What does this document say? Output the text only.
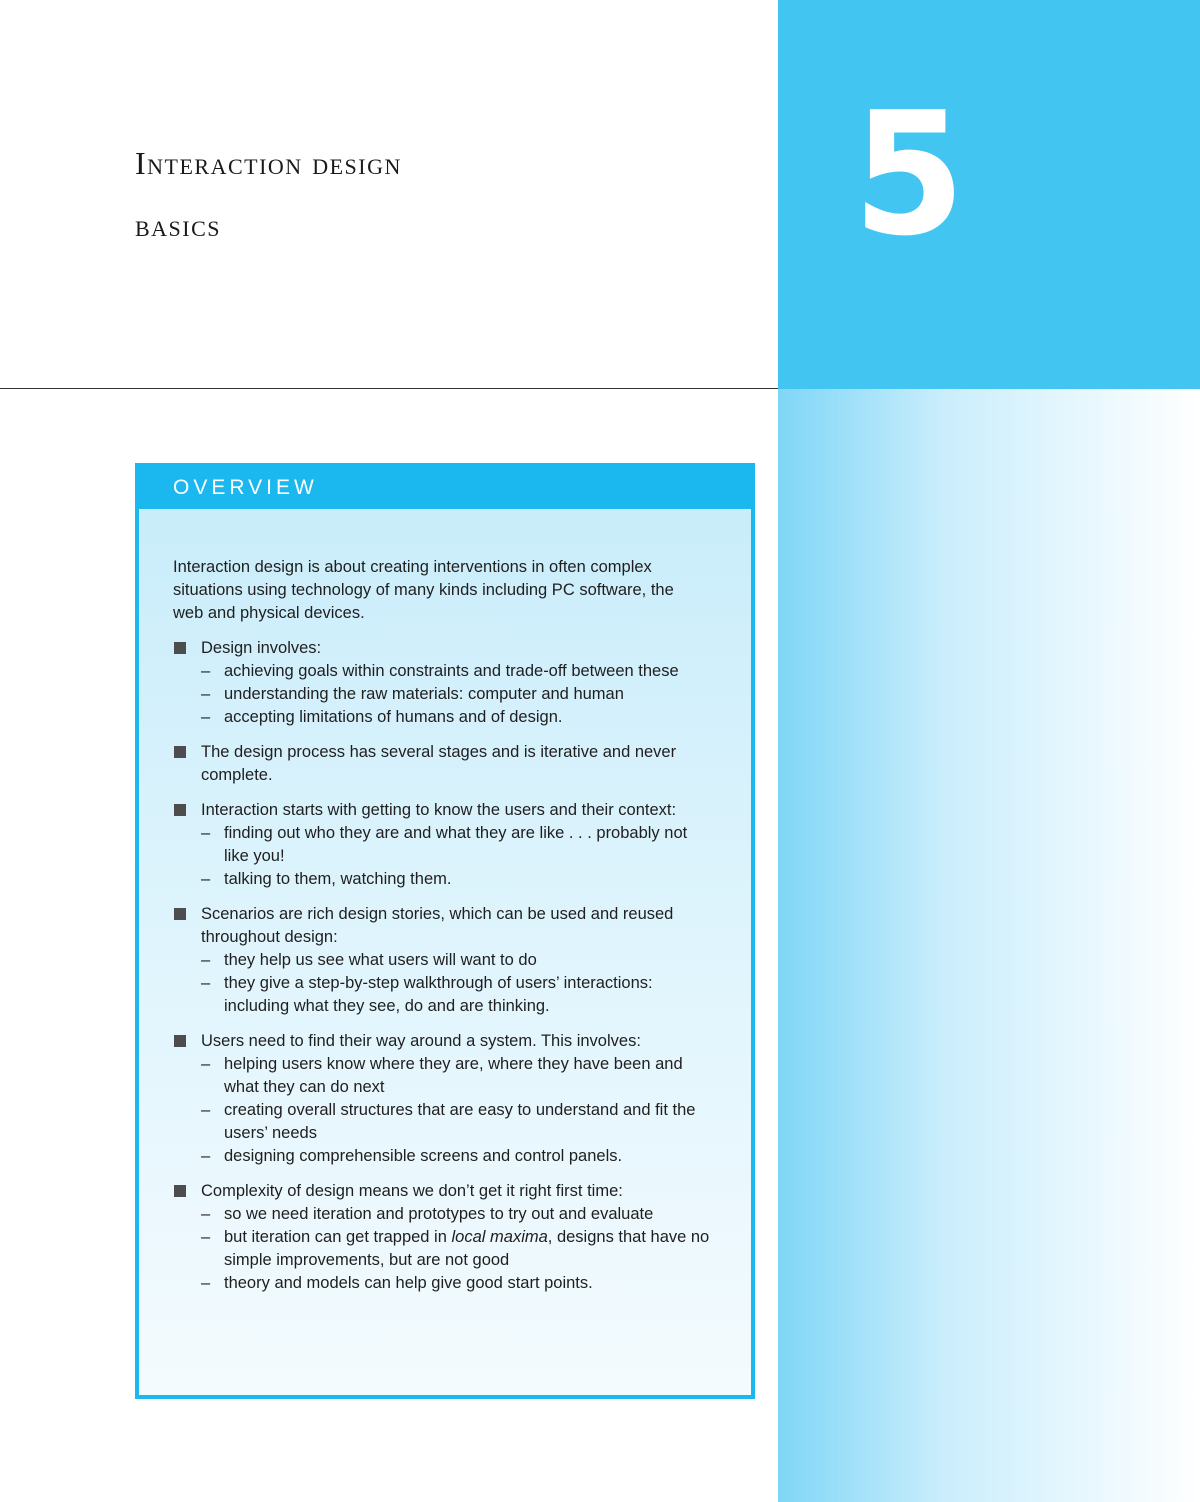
5
Interaction design
basics
OVERVIEW

Interaction design is about creating interventions in often complex situations using technology of many kinds including PC software, the web and physical devices.

Design involves:
– achieving goals within constraints and trade-off between these
– understanding the raw materials: computer and human
– accepting limitations of humans and of design.
The design process has several stages and is iterative and never complete.
Interaction starts with getting to know the users and their context:
– finding out who they are and what they are like . . . probably not like you!
– talking to them, watching them.
Scenarios are rich design stories, which can be used and reused throughout design:
– they help us see what users will want to do
– they give a step-by-step walkthrough of users’ interactions: including what they see, do and are thinking.
Users need to find their way around a system. This involves:
– helping users know where they are, where they have been and what they can do next
– creating overall structures that are easy to understand and fit the users’ needs
– designing comprehensible screens and control panels.
Complexity of design means we don’t get it right first time:
– so we need iteration and prototypes to try out and evaluate
– but iteration can get trapped in local maxima, designs that have no simple improvements, but are not good
– theory and models can help give good start points.
